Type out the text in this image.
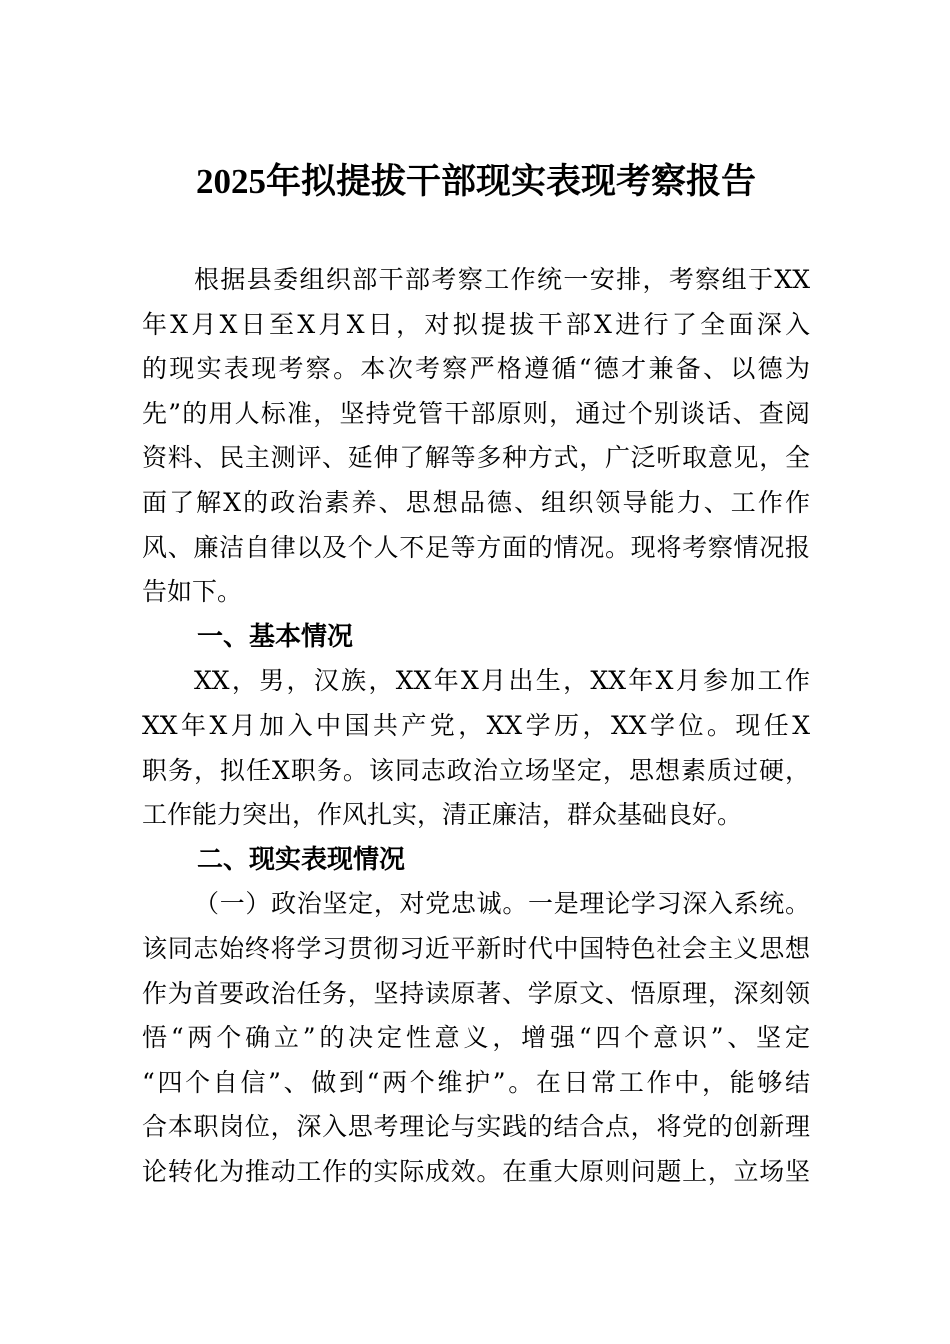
2025年拟提拔干部现实表现考察报告
根据县委组织部干部考察工作统一安排，考察组于XX
年X月X日至X月X日，对拟提拔干部X进行了全面深入
的现实表现考察。本次考察严格遵循“德才兼备、以德为
先”的用人标准，坚持党管干部原则，通过个别谈话、查阅
资料、民主测评、延伸了解等多种方式，广泛听取意见，全
面了解X的政治素养、思想品德、组织领导能力、工作作
风、廉洁自律以及个人不足等方面的情况。现将考察情况报
告如下。
一、基本情况
XX，男，汉族，XX年X月出生，XX年X月参加工作
XX年X月加入中国共产党，XX学历，XX学位。现任X
职务，拟任X职务。该同志政治立场坚定，思想素质过硬，
工作能力突出，作风扎实，清正廉洁，群众基础良好。
二、现实表现情况
（一）政治坚定，对党忠诚。一是理论学习深入系统。
该同志始终将学习贯彻习近平新时代中国特色社会主义思想
作为首要政治任务，坚持读原著、学原文、悟原理，深刻领
悟“两个确立”的决定性意义，增强“四个意识”、坚定
“四个自信”、做到“两个维护”。在日常工作中，能够结
合本职岗位，深入思考理论与实践的结合点，将党的创新理
论转化为推动工作的实际成效。在重大原则问题上，立场坚
